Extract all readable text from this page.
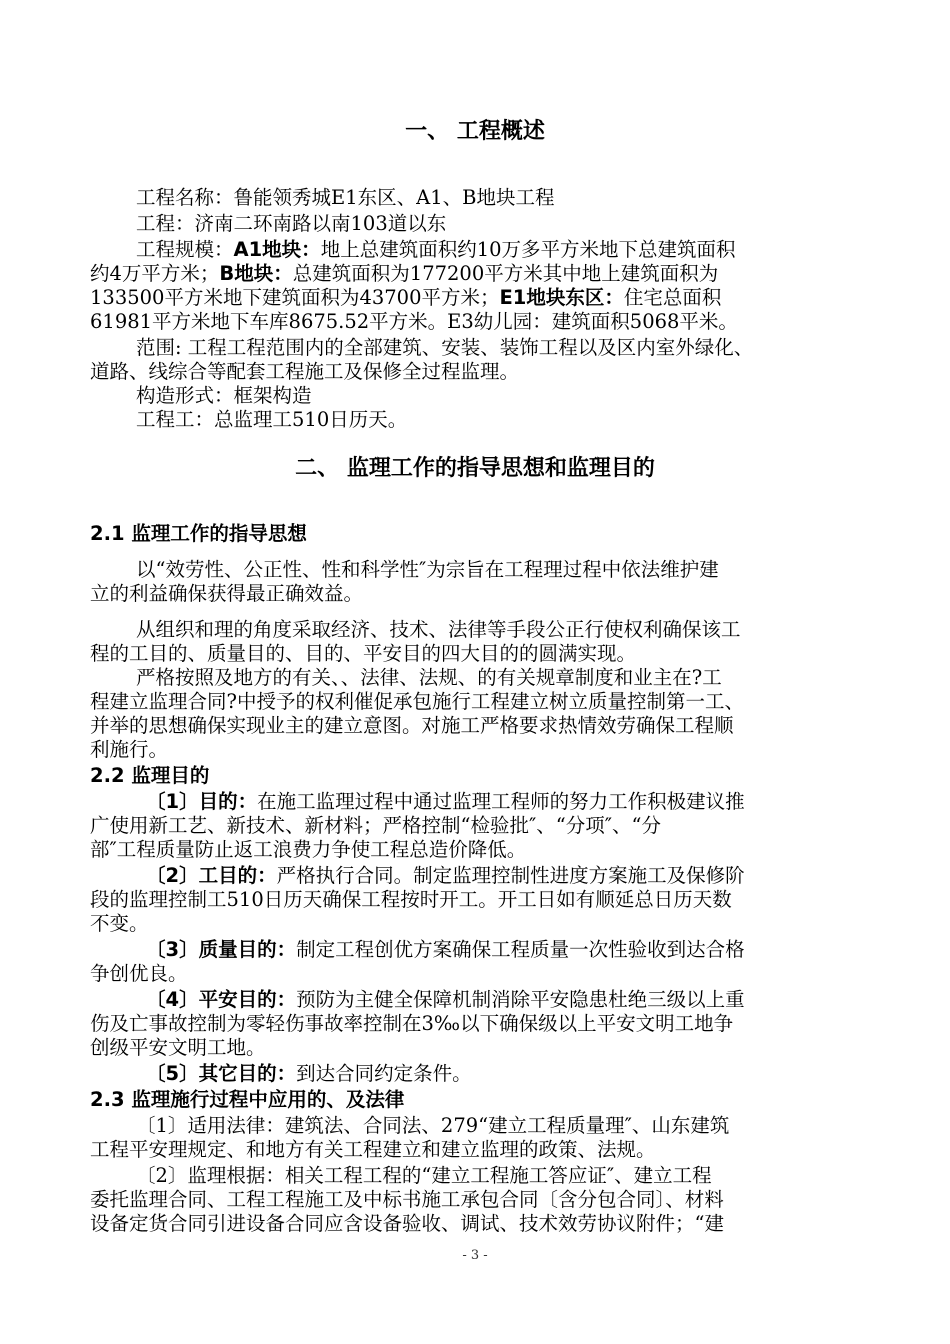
一、 工程概述
工程名称：鲁能领秀城E1东区、A1、B地块工程
工程：济南二环南路以南103道以东
工程规模：A1地块：地上总建筑面积约10万多平方米地下总建筑面积
约4万平方米；B地块：总建筑面积为177200平方米其中地上建筑面积为
133500平方米地下建筑面积为43700平方米；E1地块东区：住宅总面积
61981平方米地下车库8675.52平方米。E3幼儿园：建筑面积5068平米。
范围: 工程工程范围内的全部建筑、安装、装饰工程以及区内室外绿化、
道路、线综合等配套工程施工及保修全过程监理。
构造形式：框架构造
工程工：总监理工510日历天。
二、 监理工作的指导思想和监理目的
2.1 监理工作的指导思想
以“效劳性、公正性、性和科学性″为宗旨在工程理过程中依法维护建
立的利益确保获得最正确效益。
从组织和理的角度采取经济、技术、法律等手段公正行使权利确保该工
程的工目的、质量目的、目的、平安目的四大目的的圆满实现。
严格按照及地方的有关、、法律、法规、的有关规章制度和业主在?工
程建立监理合同?中授予的权利催促承包施行工程建立树立质量控制第一工、
并举的思想确保实现业主的建立意图。对施工严格要求热情效劳确保工程顺
利施行。
2.2 监理目的
〔1〕目的：在施工监理过程中通过监理工程师的努力工作积极建议推
广使用新工艺、新技术、新材料；严格控制“检验批″、“分项″、“分
部″工程质量防止返工浪费力争使工程总造价降低。
〔2〕工目的：严格执行合同。制定监理控制性进度方案施工及保修阶
段的监理控制工510日历天确保工程按时开工。开工日如有顺延总日历天数
不变。
〔3〕质量目的：制定工程创优方案确保工程质量一次性验收到达合格
争创优良。
〔4〕平安目的：预防为主健全保障机制消除平安隐患杜绝三级以上重
伤及亡事故控制为零轻伤事故率控制在3‰以下确保级以上平安文明工地争
创级平安文明工地。
〔5〕其它目的：到达合同约定条件。
2.3 监理施行过程中应用的、及法律
〔1〕适用法律：建筑法、合同法、279“建立工程质量理″、山东建筑
工程平安理规定、和地方有关工程建立和建立监理的政策、法规。
〔2〕监理根据：相关工程工程的“建立工程施工答应证″、建立工程
委托监理合同、工程工程施工及中标书施工承包合同〔含分包合同〕、材料
设备定货合同引进设备合同应含设备验收、调试、技术效劳协议附件；“建
- 3 -
